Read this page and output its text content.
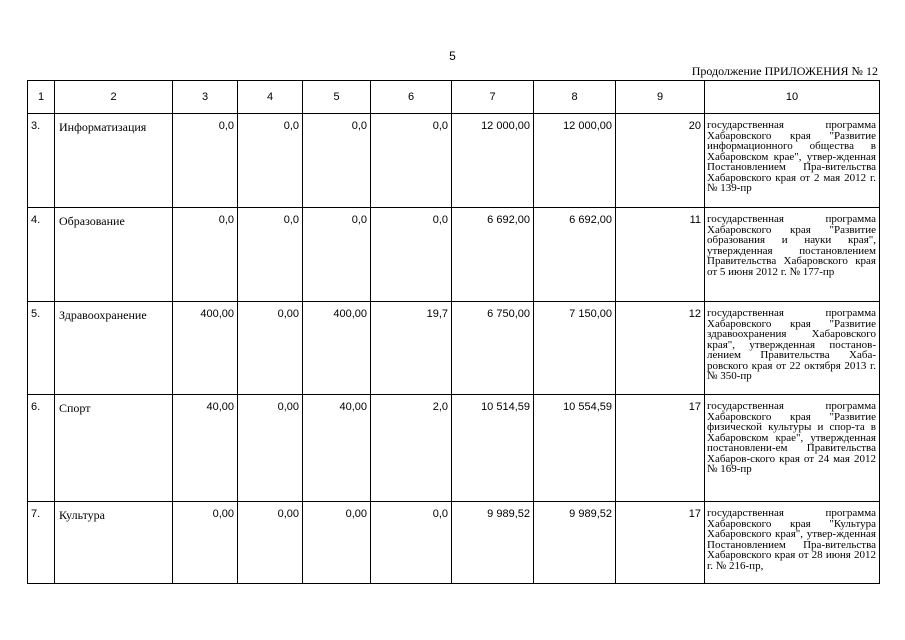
5
Продолжение ПРИЛОЖЕНИЯ № 12
1	2	3	4	5	6	7	8	9	10
3.	Информатизация	0,0	0,0	0,0	0,0	12 000,00	12 000,00	20	государственная программа Хабаровского края "Развитие информационного общества в Хабаровском крае", утвер-жденная Постановлением Пра-вительства Хабаровского края от 2 мая 2012 г. № 139-пр
4.	Образование	0,0	0,0	0,0	0,0	6 692,00	6 692,00	11	государственная программа Хабаровского края "Развитие образования и науки края", утвержденная постановлением Правительства Хабаровского края от 5 июня 2012 г. № 177-пр
5.	Здравоохранение	400,00	0,00	400,00	19,7	6 750,00	7 150,00	12	государственная программа Хабаровского края "Развитие здравоохранения Хабаровского края", утвержденная постанов-лением Правительства Хаба-ровского края от 22 октября 2013 г. № 350-пр
6.	Спорт	40,00	0,00	40,00	2,0	10 514,59	10 554,59	17	государственная программа Хабаровского края "Развитие физической культуры и спор-та в Хабаровском крае", утвержденная постановлени-ем Правительства Хабаров-ского края от 24 мая 2012 № 169-пр
7.	Культура	0,00	0,00	0,00	0,0	9 989,52	9 989,52	17	государственная программа Хабаровского края "Культура Хабаровского края", утвер-жденная Постановлением Пра-вительства Хабаровского края от 28 июня 2012 г. № 216-пр,
